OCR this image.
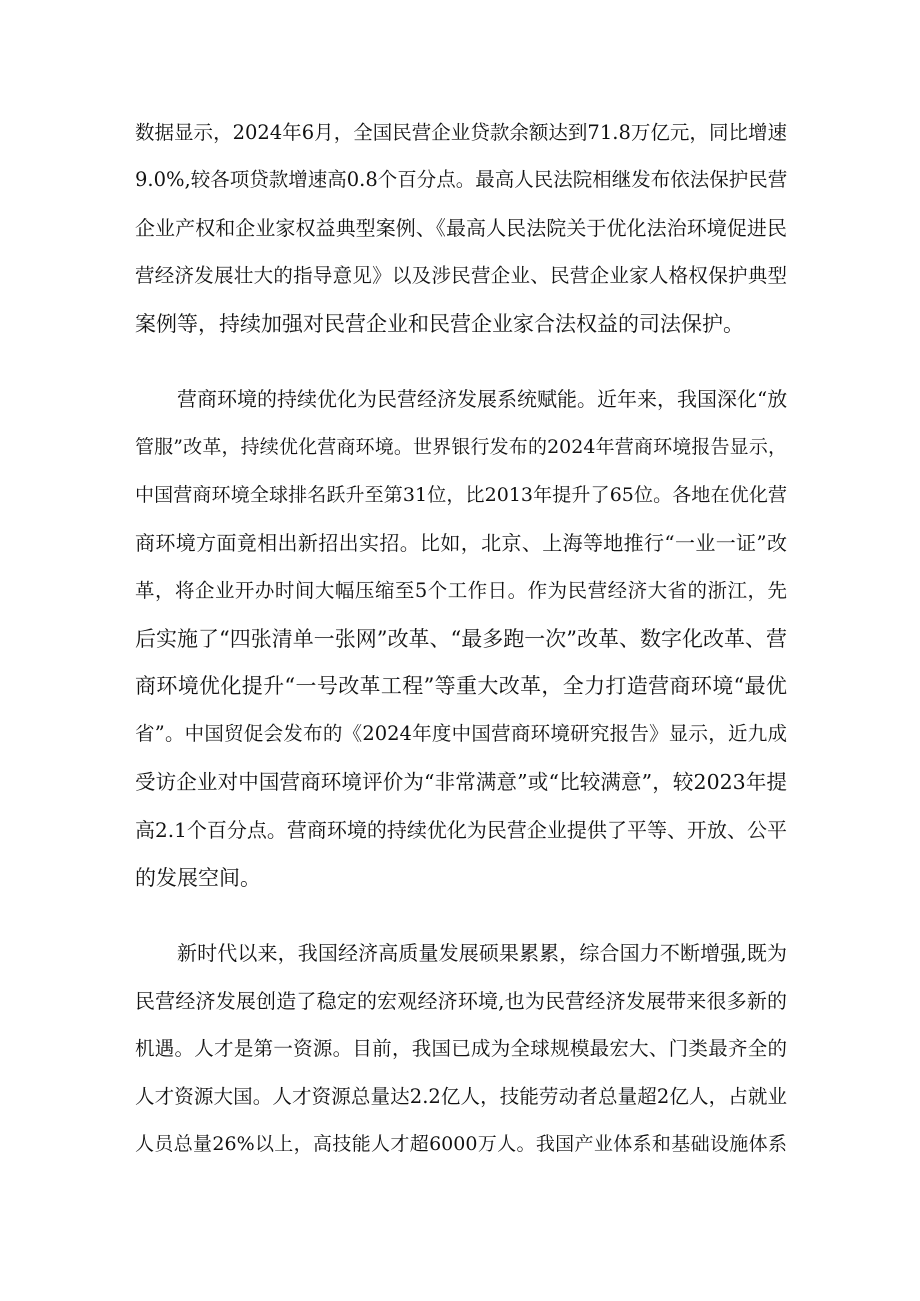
数据显示，2024年6月，全国民营企业贷款余额达到71.8万亿元，同比增速
9.0%,较各项贷款增速高0.8个百分点。最高人民法院相继发布依法保护民营
企业产权和企业家权益典型案例、《最高人民法院关于优化法治环境促进民
营经济发展壮大的指导意见》以及涉民营企业、民营企业家人格权保护典型
案例等，持续加强对民营企业和民营企业家合法权益的司法保护。
营商环境的持续优化为民营经济发展系统赋能。近年来，我国深化“放
管服”改革，持续优化营商环境。世界银行发布的2024年营商环境报告显示，
中国营商环境全球排名跃升至第31位，比2013年提升了65位。各地在优化营
商环境方面竟相出新招出实招。比如，北京、上海等地推行“一业一证”改
革，将企业开办时间大幅压缩至5个工作日。作为民营经济大省的浙江，先
后实施了“四张清单一张网”改革、“最多跑一次”改革、数字化改革、营
商环境优化提升“一号改革工程”等重大改革，全力打造营商环境“最优
省”。中国贸促会发布的《2024年度中国营商环境研究报告》显示，近九成
受访企业对中国营商环境评价为“非常满意”或“比较满意”，较2023年提
高2.1个百分点。营商环境的持续优化为民营企业提供了平等、开放、公平
的发展空间。
新时代以来，我国经济高质量发展硕果累累，综合国力不断增强,既为
民营经济发展创造了稳定的宏观经济环境,也为民营经济发展带来很多新的
机遇。人才是第一资源。目前，我国已成为全球规模最宏大、门类最齐全的
人才资源大国。人才资源总量达2.2亿人，技能劳动者总量超2亿人，占就业
人员总量26%以上，高技能人才超6000万人。我国产业体系和基础设施体系
